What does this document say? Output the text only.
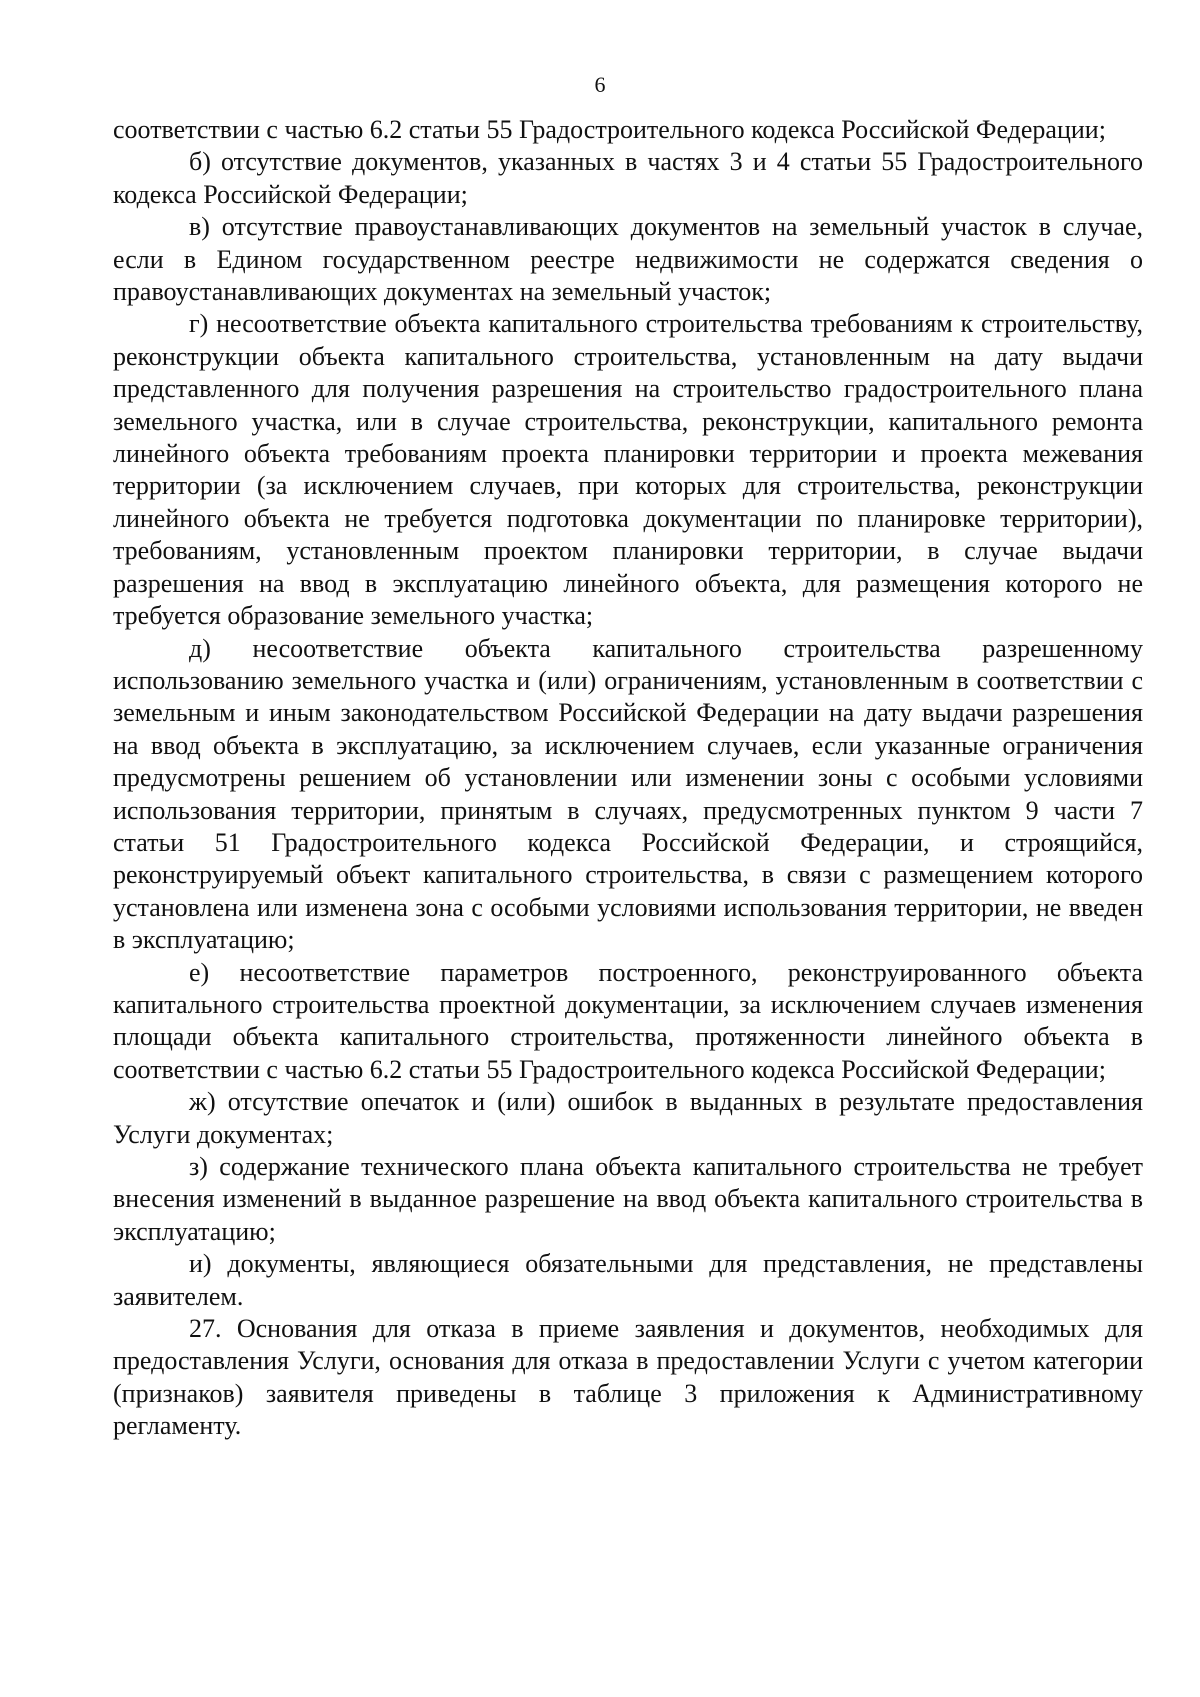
6

соответствии с частью 6.2 статьи 55 Градостроительного кодекса Российской Федерации;

б) отсутствие документов, указанных в частях 3 и 4 статьи 55 Градостроительного кодекса Российской Федерации;

в) отсутствие правоустанавливающих документов на земельный участок в случае, если в Едином государственном реестре недвижимости не содержатся сведения о правоустанавливающих документах на земельный участок;

г) несоответствие объекта капитального строительства требованиям к строительству, реконструкции объекта капитального строительства, установленным на дату выдачи представленного для получения разрешения на строительство градостроительного плана земельного участка, или в случае строительства, реконструкции, капитального ремонта линейного объекта требованиям проекта планировки территории и проекта межевания территории (за исключением случаев, при которых для строительства, реконструкции линейного объекта не требуется подготовка документации по планировке территории), требованиям, установленным проектом планировки территории, в случае выдачи разрешения на ввод в эксплуатацию линейного объекта, для размещения которого не требуется образование земельного участка;

д) несоответствие объекта капитального строительства разрешенному использованию земельного участка и (или) ограничениям, установленным в соответствии с земельным и иным законодательством Российской Федерации на дату выдачи разрешения на ввод объекта в эксплуатацию, за исключением случаев, если указанные ограничения предусмотрены решением об установлении или изменении зоны с особыми условиями использования территории, принятым в случаях, предусмотренных пунктом 9 части 7 статьи 51 Градостроительного кодекса Российской Федерации, и строящийся, реконструируемый объект капитального строительства, в связи с размещением которого установлена или изменена зона с особыми условиями использования территории, не введен в эксплуатацию;

е) несоответствие параметров построенного, реконструированного объекта капитального строительства проектной документации, за исключением случаев изменения площади объекта капитального строительства, протяженности линейного объекта в соответствии с частью 6.2 статьи 55 Градостроительного кодекса Российской Федерации;

ж) отсутствие опечаток и (или) ошибок в выданных в результате предоставления Услуги документах;

з) содержание технического плана объекта капитального строительства не требует внесения изменений в выданное разрешение на ввод объекта капитального строительства в эксплуатацию;

и) документы, являющиеся обязательными для представления, не представлены заявителем.

27. Основания для отказа в приеме заявления и документов, необходимых для предоставления Услуги, основания для отказа в предоставлении Услуги с учетом категории (признаков) заявителя приведены в таблице 3 приложения к Административному регламенту.
